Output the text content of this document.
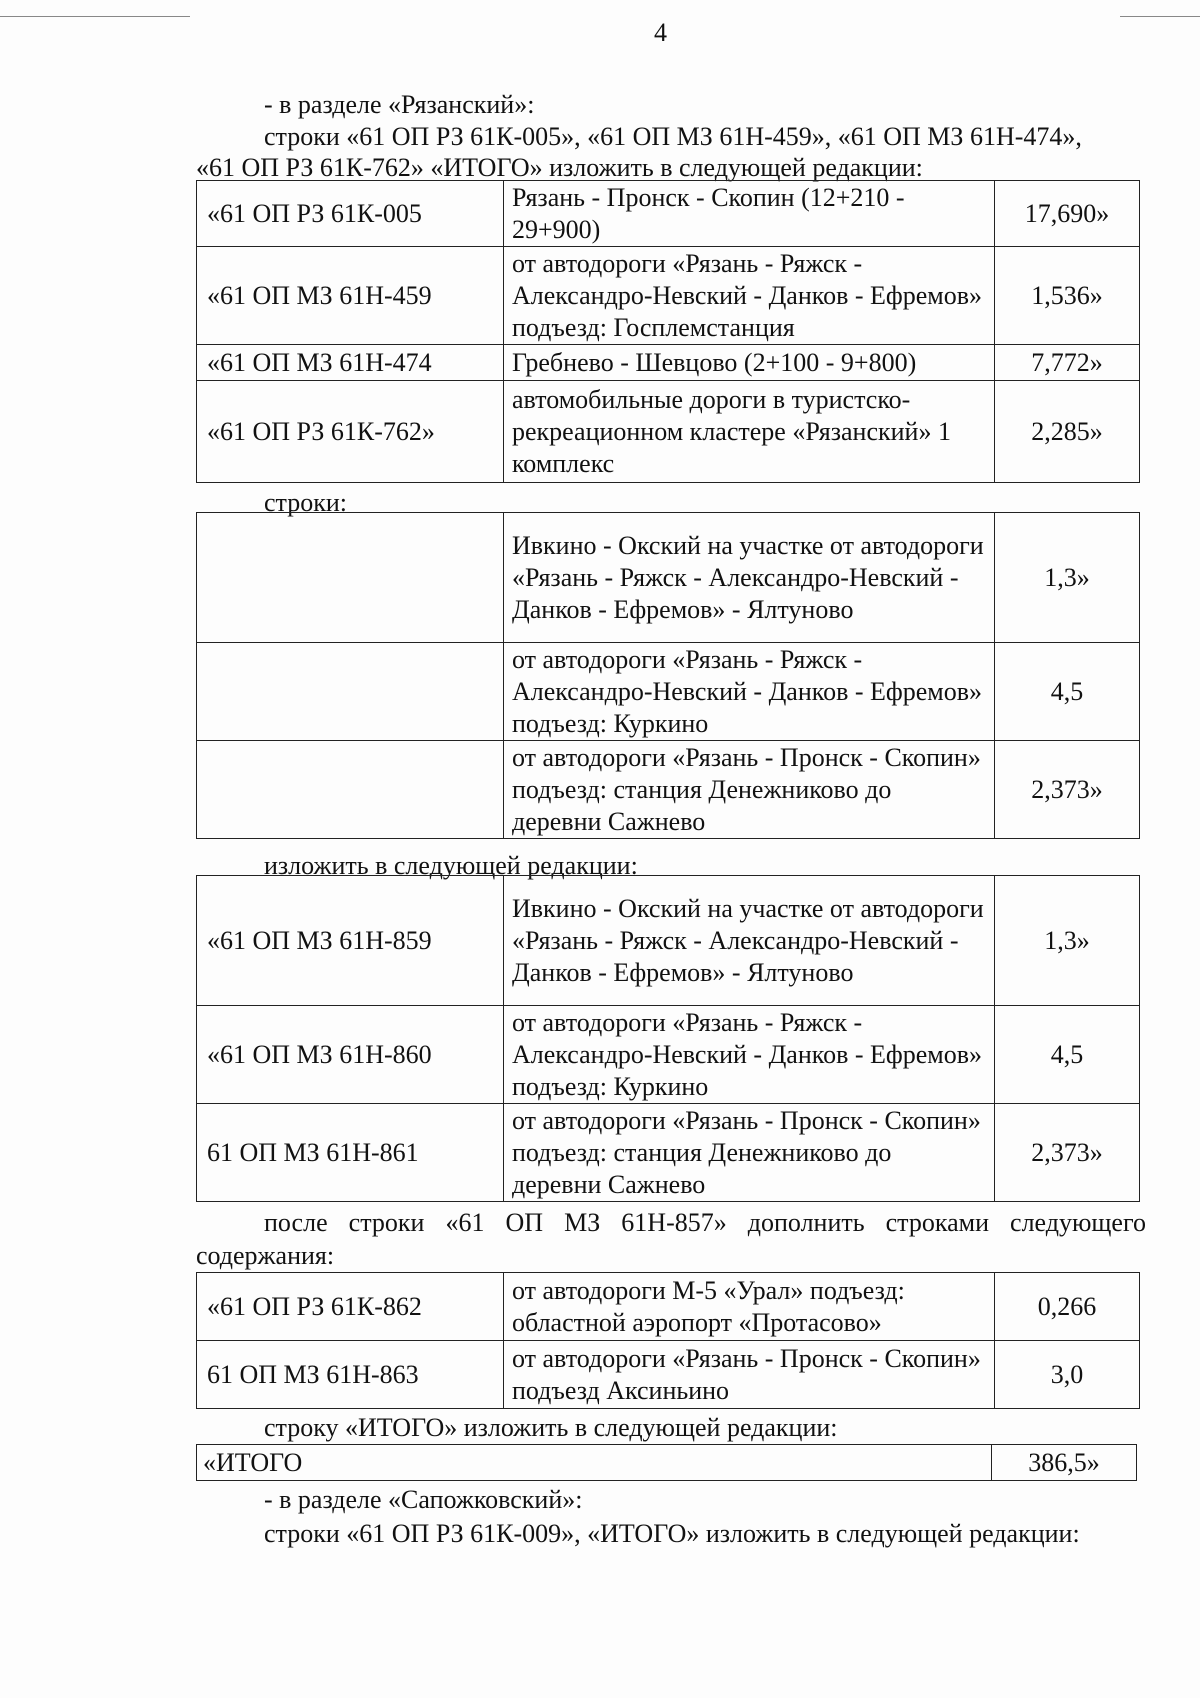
4
- в разделе «Рязанский»:
строки «61 ОП РЗ 61К-005», «61 ОП МЗ 61Н-459», «61 ОП МЗ 61Н-474»,
«61 ОП РЗ 61К-762» «ИТОГО» изложить в следующей редакции:
«61 ОП РЗ 61К-005	Рязань - Пронск - Скопин (12+210 - 29+900)	17,690»
«61 ОП МЗ 61Н-459	от автодороги «Рязань - Ряжск - Александро-Невский - Данков - Ефремов» подъезд: Госплемстанция	1,536»
«61 ОП МЗ 61Н-474	Гребнево - Шевцово (2+100 - 9+800)	7,772»
«61 ОП РЗ 61К-762»	автомобильные дороги в туристско-рекреационном кластере «Рязанский» 1 комплекс	2,285»
строки:
	Ивкино - Окский на участке от автодороги «Рязань - Ряжск - Александро-Невский - Данков - Ефремов» - Ялтуново	1,3»
	от автодороги «Рязань - Ряжск - Александро-Невский - Данков - Ефремов» подъезд: Куркино	4,5
	от автодороги «Рязань - Пронск - Скопин» подъезд: станция Денежниково до деревни Сажнево	2,373»
изложить в следующей редакции:
«61 ОП МЗ 61Н-859	Ивкино - Окский на участке от автодороги «Рязань - Ряжск - Александро-Невский - Данков - Ефремов» - Ялтуново	1,3»
«61 ОП МЗ 61Н-860	от автодороги «Рязань - Ряжск - Александро-Невский - Данков - Ефремов» подъезд: Куркино	4,5
61 ОП МЗ 61Н-861	от автодороги «Рязань - Пронск - Скопин» подъезд: станция Денежниково до деревни Сажнево	2,373»
после строки «61 ОП МЗ 61Н-857» дополнить строками следующего
содержания:
«61 ОП РЗ 61К-862	от автодороги М-5 «Урал» подъезд: областной аэропорт «Протасово»	0,266
61 ОП МЗ 61Н-863	от автодороги «Рязань - Пронск - Скопин» подъезд Аксиньино	3,0
строку «ИТОГО» изложить в следующей редакции:
«ИТОГО	386,5»
- в разделе «Сапожковский»:
строки «61 ОП РЗ 61К-009», «ИТОГО» изложить в следующей редакции:
